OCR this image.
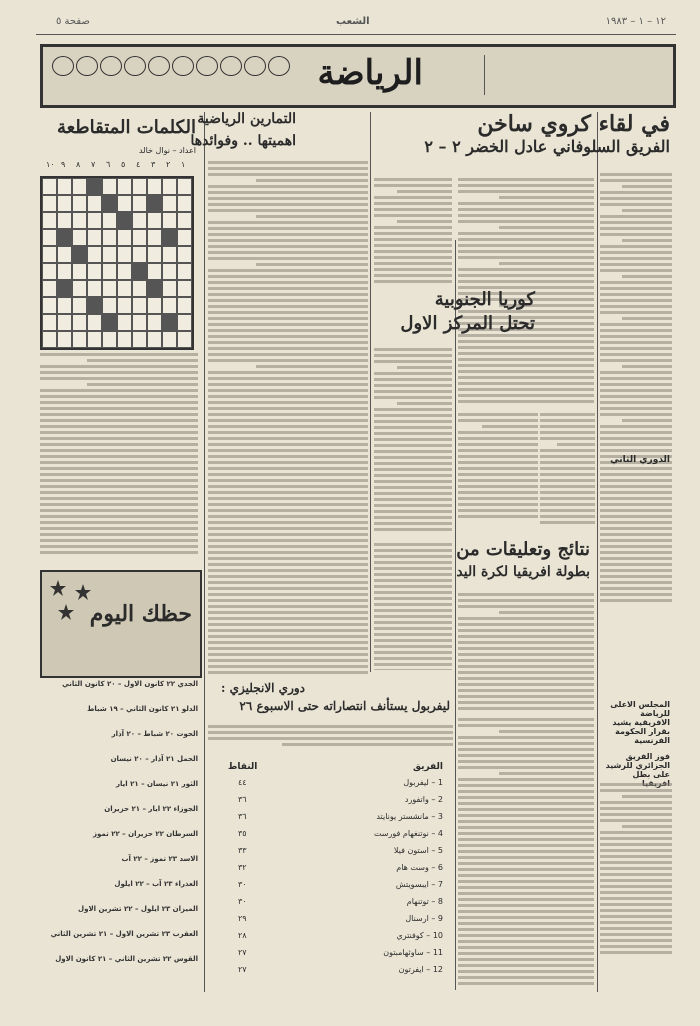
١٢ – ١ – ١٩٨٣
الشعب
صفحة ٥
الرياضة
في لقاء كروي ساخن
الفريق السلوفاني عادل الخضر ٢ – ٢
الدوري الثاني
المجلس الاعلى للرياضة الافريقية يشيد بقرار الحكومة الفرنسية
فوز الفريق الجزائري للرشيد على بطل
كوريا الجنوبية
تحتل المركز الاول
نتائج وتعليقات من
بطولة افريقيا لكرة اليد
التمارين الرياضية
اهميتها .. وفوائدها
دوري الانجليزي :
ليفربول يستأنف انتصاراته حتى الاسبوع ٢٦
الفريق
النقاط
1 – ليفربول
٤٤
2 – واتفورد
٣٦
3 – مانشستر يونايتد
٣٦
4 – نوتنغهام فورست
٣٥
5 – استون فيلا
٣٣
6 – وست هام
٣٢
7 – ايبسويتش
٣٠
8 – توتنهام
٣٠
9 – ارسنال
٢٩
10 – كوفنتري
٢٨
11 – ساوثهامبتون
٢٧
12 – ايفرتون
٢٧
الكلمات المتقاطعة
اعداد – نوال خالد
١٠ ٩ ٨ ٧ ٦ ٥ ٤ ٣ ٢ ١
حظك اليوم
الجدي ٢٢ كانون الاول – ٢٠ كانون الثاني
الدلو ٢١ كانون الثاني – ١٩ شباط
الحوت ٢٠ شباط – ٢٠ آذار
الحمل ٢١ آذار – ٢٠ نيسان
الثور ٢١ نيسان – ٢١ ايار
الجوزاء ٢٢ ايار – ٢١ حزيران
السرطان ٢٢ حزيران – ٢٢ تموز
الاسد ٢٣ تموز – ٢٢ آب
العذراء ٢٣ آب – ٢٢ ايلول
الميزان ٢٣ ايلول – ٢٢ تشرين الاول
العقرب ٢٣ تشرين الاول – ٢١ تشرين الثاني
القوس ٢٢ تشرين الثاني – ٢١ كانون الاول
